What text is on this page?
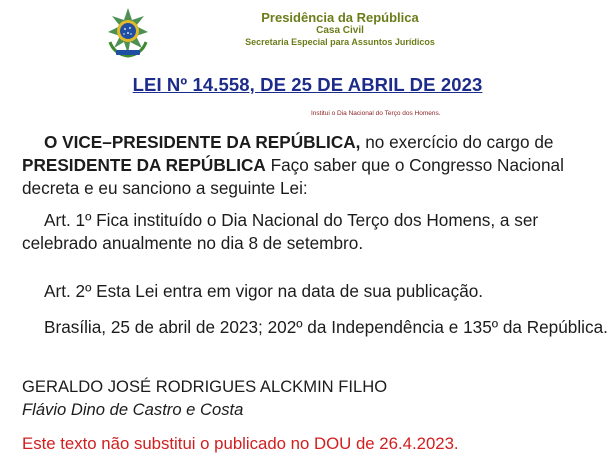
Presidência da República
Casa Civil
Secretaria Especial para Assuntos Jurídicos
LEI Nº 14.558, DE 25 DE ABRIL DE 2023
Institui o Dia Nacional do Terço dos Homens.
O VICE–PRESIDENTE DA REPÚBLICA, no exercício do cargo de PRESIDENTE DA REPÚBLICA Faço saber que o Congresso Nacional decreta e eu sanciono a seguinte Lei:
Art. 1º Fica instituído o Dia Nacional do Terço dos Homens, a ser celebrado anualmente no dia 8 de setembro.
Art. 2º Esta Lei entra em vigor na data de sua publicação.
Brasília, 25 de abril de 2023; 202º da Independência e 135º da República.
GERALDO JOSÉ RODRIGUES ALCKMIN FILHO
Flávio Dino de Castro e Costa
Este texto não substitui o publicado no DOU de 26.4.2023.
